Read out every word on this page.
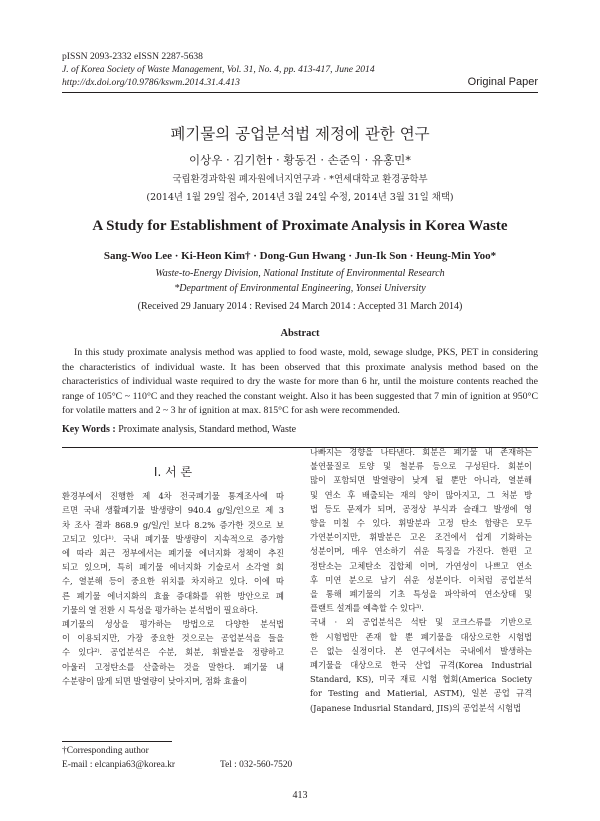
pISSN 2093-2332 eISSN 2287-5638
J. of Korea Society of Waste Management, Vol. 31, No. 4, pp. 413-417, June 2014
http://dx.doi.org/10.9786/kswm.2014.31.4.413	Original Paper
폐기물의 공업분석법 제정에 관한 연구
이상우 · 김기헌† · 황동건 · 손준익 · 유홍민*
국립환경과학원 폐자원에너지연구과 · *연세대학교 환경공학부
(2014년 1월 29일 접수, 2014년 3월 24일 수정, 2014년 3월 31일 채택)
A Study for Establishment of Proximate Analysis in Korea Waste
Sang-Woo Lee · Ki-Heon Kim† · Dong-Gun Hwang · Jun-Ik Son · Heung-Min Yoo*
Waste-to-Energy Division, National Institute of Environmental Research
*Department of Environmental Engineering, Yonsei University
(Received 29 January 2014 : Revised 24 March 2014 : Accepted 31 March 2014)
Abstract
In this study proximate analysis method was applied to food waste, mold, sewage sludge, PKS, PET in considering the characteristics of individual waste. It has been observed that this proximate analysis method based on the characteristics of individual waste required to dry the waste for more than 6 hr, until the moisture contents reached the range of 105°C ~ 110°C and they reached the constant weight. Also it has been suggested that 7 min of ignition at 950°C for volatile matters and 2 ~ 3 hr of ignition at max. 815°C for ash were recommended.
Key Words : Proximate analysis, Standard method, Waste
I. 서 론

환경부에서 진행한 제 4차 전국폐기물 통계조사에 따

르면 국내 생활폐기물 발생량이 940.4 g/일/인으로 제 3

차 조사 결과 868.9 g/일/인 보다 8.2% 증가한 것으로 보

고되고 있다¹⁾. 국내 폐기물 발생량이 지속적으로 증가함

에 따라 최근 정부에서는 폐기물 에너지화 정책이 추진

되고 있으며, 특히 폐기물 에너지화 기술로서 소각열 회

수, 열분해 등이 중요한 위치를 차지하고 있다. 이에 따

른 폐기물 에너지화의 효율 증대화를 위한 방안으로 폐

기물의 열 전환 시 특성을 평가하는 분석법이 필요하다.

폐기물의 성상을 평가하는 방법으로 다양한 분석법

이 이용되지만, 가장 중요한 것으로는 공업분석을 들을

수 있다²⁾. 공업분석은 수분, 회분, 휘발분을 정량하고

아울러 고정탄소를 산출하는 것을 말한다. 폐기물 내

수분량이 많게 되면 발열량이 낮아지며, 점화 효율이

나빠지는 경향을 나타낸다. 회분은 폐기물 내 존재하는

불연물질로 토양 및 철분류 등으로 구성된다. 회분이

많이 포함되면 발열량이 낮게 될 뿐만 아니라, 열분해

및 연소 후 배출되는 재의 양이 많아지고, 그 처분 방

법 등도 문제가 되며, 공정상 부식과 슬래그 발생에 영

향을 미칠 수 있다. 휘발분과 고정 탄소 함량은 모두

가연분이지만, 휘발분은 고온 조건에서 쉽게 기화하는

성분이며, 매우 연소하기 쉬운 특징을 가진다. 한편 고

정탄소는 고체탄소 집합체 이며, 가연성이 나쁘고 연소

후 미연 분으로 남기 쉬운 성분이다. 이처럼 공업분석

을 통해 폐기물의 기초 특성을 파악하여 연소상태 및

플랜트 설계를 예측할 수 있다³⁾.

국내 · 외 공업분석은 석탄 및 코크스류를 기반으로

한 시험법만 존재 할 뿐 폐기물을 대상으로한 시험법

은 없는 실정이다. 본 연구에서는 국내에서 발생하는

폐기물을 대상으로 한국 산업 규격(Korea Industrial

Standard, KS), 미국 재료 시험 협회(America Society

for Testing and Matierial, ASTM), 일본 공업 규격

(Japanese Indusrial Standard, JIS)의 공업분석 시험법

†Corresponding author
E-mail : elcanpia63@korea.kr	Tel : 032-560-7520
413
